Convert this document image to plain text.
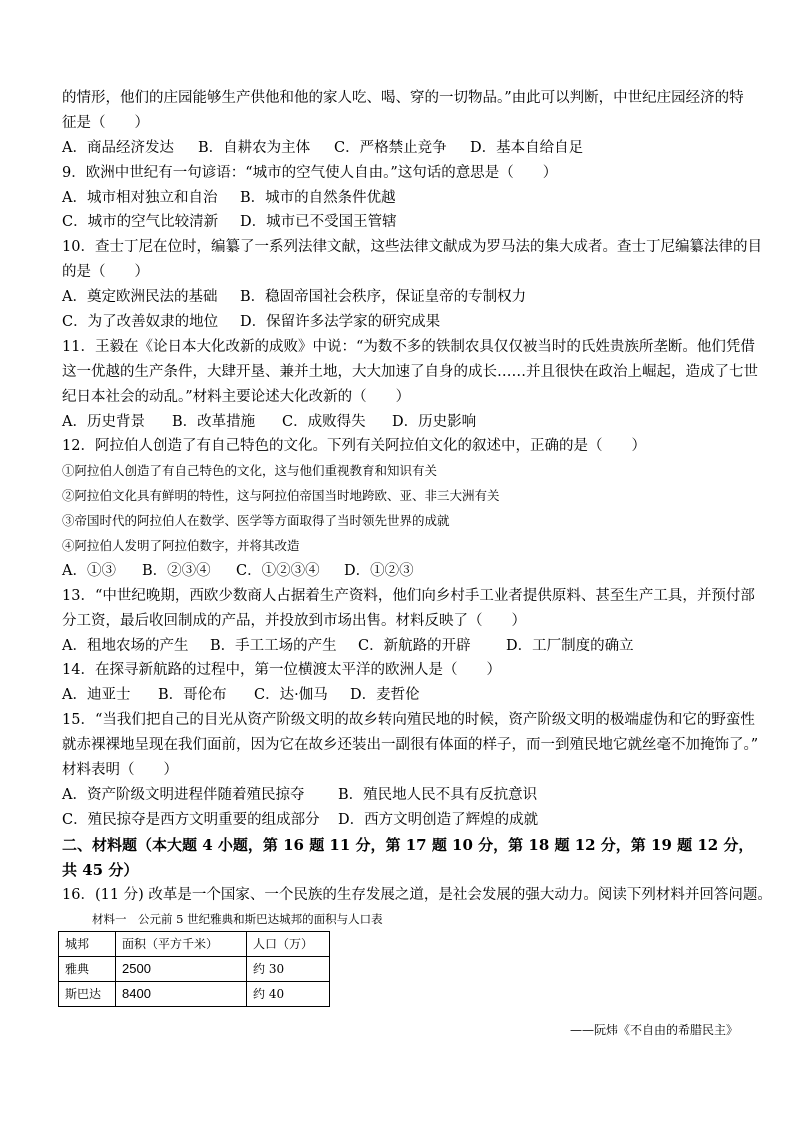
的情形，他们的庄园能够生产供他和他的家人吃、喝、穿的一切物品。”由此可以判断，中世纪庄园经济的特
征是（　　）
A．商品经济发达	B．自耕农为主体	C．严格禁止竞争	D．基本自给自足
9．欧洲中世纪有一句谚语：“城市的空气使人自由。”这句话的意思是（　　）
A．城市相对独立和自治	B．城市的自然条件优越
C．城市的空气比较清新	D．城市已不受国王管辖
10．查士丁尼在位时，编纂了一系列法律文献，这些法律文献成为罗马法的集大成者。查士丁尼编纂法律的目
的是（　　）
A．奠定欧洲民法的基础	B．稳固帝国社会秩序，保证皇帝的专制权力
C．为了改善奴隶的地位	D．保留许多法学家的研究成果
11．王毅在《论日本大化改新的成败》中说：“为数不多的铁制农具仅仅被当时的氏姓贵族所垄断。他们凭借
这一优越的生产条件，大肆开垦、兼并土地，大大加速了自身的成长……并且很快在政治上崛起，造成了七世
纪日本社会的动乱。”材料主要论述大化改新的（　　）
A．历史背景	B．改革措施	C．成败得失	D．历史影响
12．阿拉伯人创造了有自己特色的文化。下列有关阿拉伯文化的叙述中，正确的是（　　）
①阿拉伯人创造了有自己特色的文化，这与他们重视教育和知识有关
②阿拉伯文化具有鲜明的特性，这与阿拉伯帝国当时地跨欧、亚、非三大洲有关
③帝国时代的阿拉伯人在数学、医学等方面取得了当时领先世界的成就
④阿拉伯人发明了阿拉伯数字，并将其改造
A．①③	B．②③④	C．①②③④	D．①②③
13．“中世纪晚期，西欧少数商人占据着生产资料，他们向乡村手工业者提供原料、甚至生产工具，并预付部
分工资，最后收回制成的产品，并投放到市场出售。材料反映了（　　）
A．租地农场的产生	B．手工工场的产生	C．新航路的开辟	D．工厂制度的确立
14．在探寻新航路的过程中，第一位横渡太平洋的欧洲人是（　　）
A．迪亚士	B．哥伦布	C．达·伽马	D．麦哲伦
15．“当我们把自己的目光从资产阶级文明的故乡转向殖民地的时候，资产阶级文明的极端虚伪和它的野蛮性
就赤裸裸地呈现在我们面前，因为它在故乡还装出一副很有体面的样子，而一到殖民地它就丝毫不加掩饰了。”
材料表明（　　）
A．资产阶级文明进程伴随着殖民掠夺	B．殖民地人民不具有反抗意识
C．殖民掠夺是西方文明重要的组成部分	D．西方文明创造了辉煌的成就
二、材料题（本大题 4 小题，第 16 题 11 分，第 17 题 10 分，第 18 题 12 分，第 19 题 12 分，
共 45 分）
16．(11 分) 改革是一个国家、一个民族的生存发展之道，是社会发展的强大动力。阅读下列材料并回答问题。
材料一　公元前 5 世纪雅典和斯巴达城邦的面积与人口表
城邦	面积（平方千米）	人口（万）
雅典	2500	约 30
斯巴达	8400	约 40
——阮炜《不自由的希腊民主》
